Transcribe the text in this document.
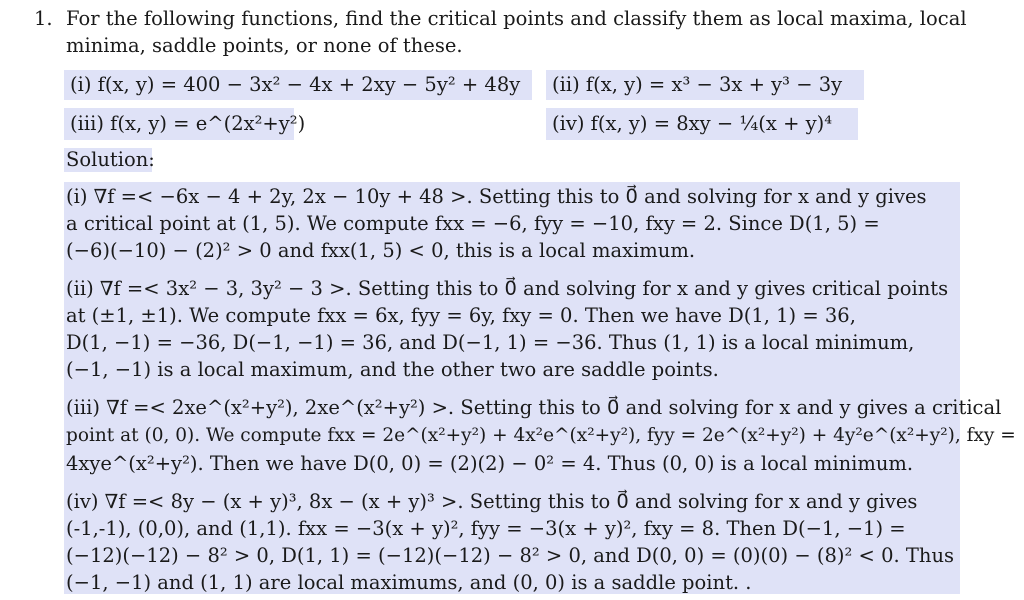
1. For the following functions, find the critical points and classify them as local maxima, local
minima, saddle points, or none of these.
(i) f(x, y) = 400 − 3x² − 4x + 2xy − 5y² + 48y (ii) f(x, y) = x³ − 3x + y³ − 3y
(iii) f(x, y) = e^(2x²+y²)	(iv) f(x, y) = 8xy − ¼(x + y)⁴
Solution:
(i) ∇f =< −6x − 4 + 2y, 2x − 10y + 48 >. Setting this to 0⃗ and solving for x and y gives
a critical point at (1, 5). We compute fxx = −6, fyy = −10, fxy = 2. Since D(1, 5) =
(−6)(−10) − (2)² > 0 and fxx(1, 5) < 0, this is a local maximum.
(ii) ∇f =< 3x² − 3, 3y² − 3 >. Setting this to 0⃗ and solving for x and y gives critical points
at (±1, ±1). We compute fxx = 6x, fyy = 6y, fxy = 0. Then we have D(1, 1) = 36,
D(1, −1) = −36, D(−1, −1) = 36, and D(−1, 1) = −36. Thus (1, 1) is a local minimum,
(−1, −1) is a local maximum, and the other two are saddle points.
(iii) ∇f =< 2xe^(x²+y²), 2xe^(x²+y²) >. Setting this to 0⃗ and solving for x and y gives a critical
point at (0, 0). We compute fxx = 2e^(x²+y²) + 4x²e^(x²+y²), fyy = 2e^(x²+y²) + 4y²e^(x²+y²), fxy =
4xye^(x²+y²). Then we have D(0, 0) = (2)(2) − 0² = 4. Thus (0, 0) is a local minimum.
(iv) ∇f =< 8y − (x + y)³, 8x − (x + y)³ >. Setting this to 0⃗ and solving for x and y gives
(-1,-1), (0,0), and (1,1). fxx = −3(x + y)², fyy = −3(x + y)², fxy = 8. Then D(−1, −1) =
(−12)(−12) − 8² > 0, D(1, 1) = (−12)(−12) − 8² > 0, and D(0, 0) = (0)(0) − (8)² < 0. Thus
(−1, −1) and (1, 1) are local maximums, and (0, 0) is a saddle point. .
